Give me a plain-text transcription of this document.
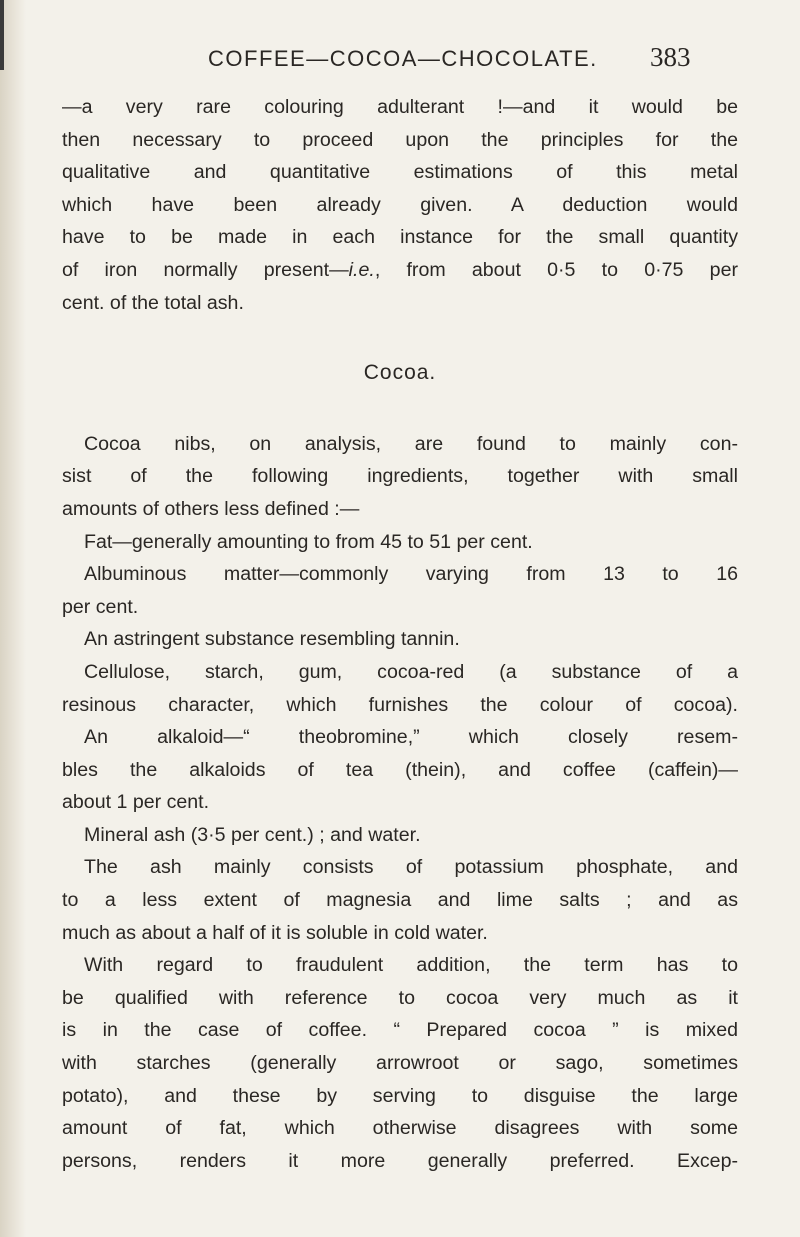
COFFEE—COCOA—CHOCOLATE. 383
—a very rare colouring adulterant !—and it would be
then necessary to proceed upon the principles for the
qualitative and quantitative estimations of this metal
which have been already given. A deduction would
have to be made in each instance for the small quantity
of iron normally present—i.e., from about 0·5 to 0·75 per
cent. of the total ash.
Cocoa.
Cocoa nibs, on analysis, are found to mainly con-
sist of the following ingredients, together with small
amounts of others less defined :—
Fat—generally amounting to from 45 to 51 per cent.
Albuminous matter—commonly varying from 13 to 16
per cent.
An astringent substance resembling tannin.
Cellulose, starch, gum, cocoa-red (a substance of a
resinous character, which furnishes the colour of cocoa).
An alkaloid—“ theobromine,” which closely resem-
bles the alkaloids of tea (thein), and coffee (caffein)—
about 1 per cent.
Mineral ash (3·5 per cent.) ; and water.
The ash mainly consists of potassium phosphate, and
to a less extent of magnesia and lime salts ; and as
much as about a half of it is soluble in cold water.
With regard to fraudulent addition, the term has to
be qualified with reference to cocoa very much as it
is in the case of coffee. “ Prepared cocoa ” is mixed
with starches (generally arrowroot or sago, sometimes
potato), and these by serving to disguise the large
amount of fat, which otherwise disagrees with some
persons, renders it more generally preferred. Excep-
